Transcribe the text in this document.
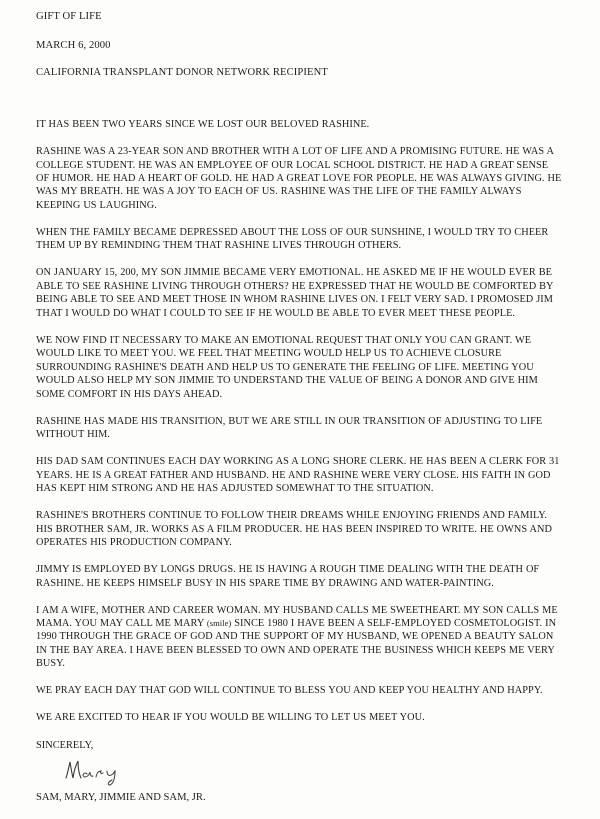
GIFT OF LIFE
MARCH 6, 2000
CALIFORNIA TRANSPLANT DONOR NETWORK RECIPIENT

IT HAS BEEN TWO YEARS SINCE WE LOST OUR BELOVED RASHINE.

RASHINE WAS A 23-YEAR SON AND BROTHER WITH A LOT OF LIFE AND A PROMISING FUTURE. HE WAS A COLLEGE STUDENT. HE WAS AN EMPLOYEE OF OUR LOCAL SCHOOL DISTRICT. HE HAD A GREAT SENSE OF HUMOR. HE HAD A HEART OF GOLD. HE HAD A GREAT LOVE FOR PEOPLE. HE WAS ALWAYS GIVING. HE WAS MY BREATH. HE WAS A JOY TO EACH OF US. RASHINE WAS THE LIFE OF THE FAMILY ALWAYS KEEPING US LAUGHING.

WHEN THE FAMILY BECAME DEPRESSED ABOUT THE LOSS OF OUR SUNSHINE, I WOULD TRY TO CHEER THEM UP BY REMINDING THEM THAT RASHINE LIVES THROUGH OTHERS.

ON JANUARY 15, 200, MY SON JIMMIE BECAME VERY EMOTIONAL. HE ASKED ME IF HE WOULD EVER BE ABLE TO SEE RASHINE LIVING THROUGH OTHERS? HE EXPRESSED THAT HE WOULD BE COMFORTED BY BEING ABLE TO SEE AND MEET THOSE IN WHOM RASHINE LIVES ON. I FELT VERY SAD. I PROMOSED JIM THAT I WOULD DO WHAT I COULD TO SEE IF HE WOULD BE ABLE TO EVER MEET THESE PEOPLE.

WE NOW FIND IT NECESSARY TO MAKE AN EMOTIONAL REQUEST THAT ONLY YOU CAN GRANT. WE WOULD LIKE TO MEET YOU. WE FEEL THAT MEETING WOULD HELP US TO ACHIEVE CLOSURE SURROUNDING RASHINE'S DEATH AND HELP US TO GENERATE THE FEELING OF LIFE. MEETING YOU WOULD ALSO HELP MY SON JIMMIE TO UNDERSTAND THE VALUE OF BEING A DONOR AND GIVE HIM SOME COMFORT IN HIS DAYS AHEAD.

RASHINE HAS MADE HIS TRANSITION, BUT WE ARE STILL IN OUR TRANSITION OF ADJUSTING TO LIFE WITHOUT HIM.

HIS DAD SAM CONTINUES EACH DAY WORKING AS A LONG SHORE CLERK. HE HAS BEEN A CLERK FOR 31 YEARS. HE IS A GREAT FATHER AND HUSBAND. HE AND RASHINE WERE VERY CLOSE. HIS FAITH IN GOD HAS KEPT HIM STRONG AND HE HAS ADJUSTED SOMEWHAT TO THE SITUATION.

RASHINE'S BROTHERS CONTINUE TO FOLLOW THEIR DREAMS WHILE ENJOYING FRIENDS AND FAMILY. HIS BROTHER SAM, JR. WORKS AS A FILM PRODUCER. HE HAS BEEN INSPIRED TO WRITE. HE OWNS AND OPERATES HIS PRODUCTION COMPANY.

JIMMY IS EMPLOYED BY LONGS DRUGS. HE IS HAVING A ROUGH TIME DEALING WITH THE DEATH OF RASHINE. HE KEEPS HIMSELF BUSY IN HIS SPARE TIME BY DRAWING AND WATER-PAINTING.

I AM A WIFE, MOTHER AND CAREER WOMAN. MY HUSBAND CALLS ME SWEETHEART. MY SON CALLS ME MAMA. YOU MAY CALL ME MARY (smile) SINCE 1980 I HAVE BEEN A SELF-EMPLOYED COSMETOLOGIST. IN 1990 THROUGH THE GRACE OF GOD AND THE SUPPORT OF MY HUSBAND, WE OPENED A BEAUTY SALON IN THE BAY AREA. I HAVE BEEN BLESSED TO OWN AND OPERATE THE BUSINESS WHICH KEEPS ME VERY BUSY.

WE PRAY EACH DAY THAT GOD WILL CONTINUE TO BLESS YOU AND KEEP YOU HEALTHY AND HAPPY.

WE ARE EXCITED TO HEAR IF YOU WOULD BE WILLING TO LET US MEET YOU.

SINCERELY,

SAM, MARY, JIMMIE AND SAM, JR.
